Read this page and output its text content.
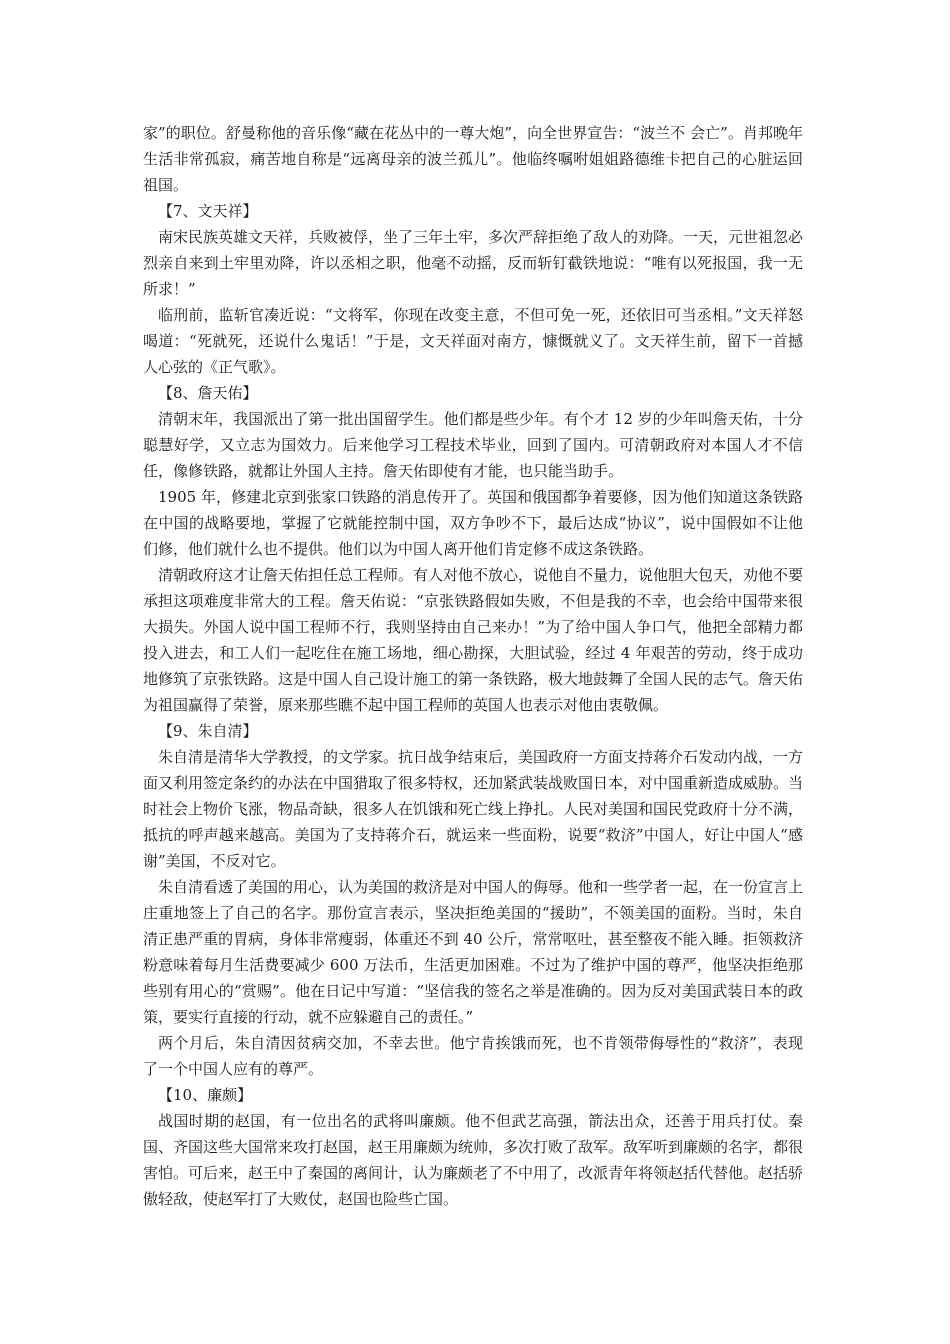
家”的职位。舒曼称他的音乐像“藏在花丛中的一尊大炮”，向全世界宣告：“波兰不 会亡”。肖邦晚年生活非常孤寂，痛苦地自称是“远离母亲的波兰孤儿”。他临终嘱咐姐姐路德维卡把自己的心脏运回祖国。

【7、文天祥】

南宋民族英雄文天祥，兵败被俘，坐了三年土牢，多次严辞拒绝了敌人的劝降。一天，元世祖忽必烈亲自来到土牢里劝降，许以丞相之职，他毫不动摇，反而斩钉截铁地说：“唯有以死报国，我一无所求！”

临刑前，监斩官凑近说：“文将军，你现在改变主意，不但可免一死，还依旧可当丞相。”文天祥怒喝道：“死就死，还说什么鬼话！”于是，文天祥面对南方，慷慨就义了。文天祥生前，留下一首撼人心弦的《正气歌》。

【8、詹天佑】

清朝末年，我国派出了第一批出国留学生。他们都是些少年。有个才 12 岁的少年叫詹天佑，十分聪慧好学，又立志为国效力。后来他学习工程技术毕业，回到了国内。可清朝政府对本国人才不信任，像修铁路，就都让外国人主持。詹天佑即使有才能，也只能当助手。

1905 年，修建北京到张家口铁路的消息传开了。英国和俄国都争着要修，因为他们知道这条铁路在中国的战略要地，掌握了它就能控制中国，双方争吵不下，最后达成“协议”，说中国假如不让他们修，他们就什么也不提供。他们以为中国人离开他们肯定修不成这条铁路。

清朝政府这才让詹天佑担任总工程师。有人对他不放心，说他自不量力，说他胆大包天，劝他不要承担这项难度非常大的工程。詹天佑说：“京张铁路假如失败，不但是我的不幸，也会给中国带来很大损失。外国人说中国工程师不行，我则坚持由自己来办！”为了给中国人争口气，他把全部精力都投入进去，和工人们一起吃住在施工场地，细心勘探，大胆试验，经过 4 年艰苦的劳动，终于成功地修筑了京张铁路。这是中国人自己设计施工的第一条铁路，极大地鼓舞了全国人民的志气。詹天佑为祖国赢得了荣誉，原来那些瞧不起中国工程师的英国人也表示对他由衷敬佩。

【9、朱自清】

朱自清是清华大学教授，的文学家。抗日战争结束后，美国政府一方面支持蒋介石发动内战，一方面又利用签定条约的办法在中国猎取了很多特权，还加紧武装战败国日本，对中国重新造成威胁。当时社会上物价飞涨，物品奇缺，很多人在饥饿和死亡线上挣扎。人民对美国和国民党政府十分不满，抵抗的呼声越来越高。美国为了支持蒋介石，就运来一些面粉，说要“救济”中国人，好让中国人“感谢”美国，不反对它。

朱自清看透了美国的用心，认为美国的救济是对中国人的侮辱。他和一些学者一起，在一份宣言上庄重地签上了自己的名字。那份宣言表示，坚决拒绝美国的“援助”，不领美国的面粉。当时，朱自清正患严重的胃病，身体非常瘦弱，体重还不到 40 公斤，常常呕吐，甚至整夜不能入睡。拒领救济粉意味着每月生活费要减少 600 万法币，生活更加困难。不过为了维护中国的尊严，他坚决拒绝那些别有用心的“赏赐”。他在日记中写道：“坚信我的签名之举是准确的。因为反对美国武装日本的政策，要实行直接的行动，就不应躲避自己的责任。”

两个月后，朱自清因贫病交加，不幸去世。他宁肯挨饿而死，也不肯领带侮辱性的“救济”，表现了一个中国人应有的尊严。

【10、廉颇】

战国时期的赵国，有一位出名的武将叫廉颇。他不但武艺高强，箭法出众，还善于用兵打仗。秦国、齐国这些大国常来攻打赵国，赵王用廉颇为统帅，多次打败了敌军。敌军听到廉颇的名字，都很害怕。可后来，赵王中了秦国的离间计，认为廉颇老了不中用了，改派青年将领赵括代替他。赵括骄傲轻敌，使赵军打了大败仗，赵国也险些亡国。
